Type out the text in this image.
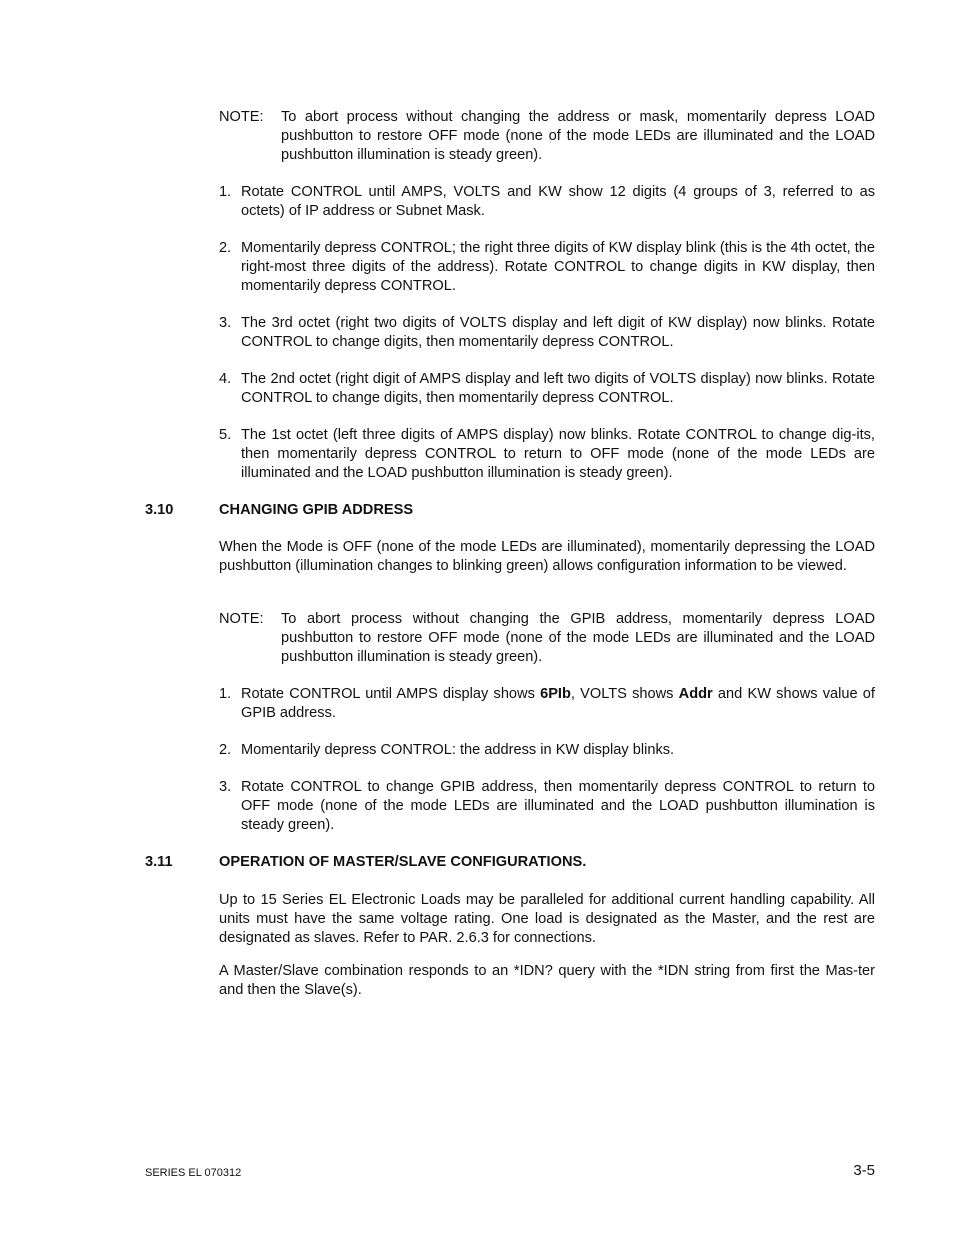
NOTE: To abort process without changing the address or mask, momentarily depress LOAD pushbutton to restore OFF mode (none of the mode LEDs are illuminated and the LOAD pushbutton illumination is steady green).
1. Rotate CONTROL until AMPS, VOLTS and KW show 12 digits (4 groups of 3, referred to as octets) of IP address or Subnet Mask.
2. Momentarily depress CONTROL; the right three digits of KW display blink (this is the 4th octet, the right-most three digits of the address). Rotate CONTROL to change digits in KW display, then momentarily depress CONTROL.
3. The 3rd octet (right two digits of VOLTS display and left digit of KW display) now blinks. Rotate CONTROL to change digits, then momentarily depress CONTROL.
4. The 2nd octet (right digit of AMPS display and left two digits of VOLTS display) now blinks. Rotate CONTROL to change digits, then momentarily depress CONTROL.
5. The 1st octet (left three digits of AMPS display) now blinks. Rotate CONTROL to change dig-its, then momentarily depress CONTROL to return to OFF mode (none of the mode LEDs are illuminated and the LOAD pushbutton illumination is steady green).
3.10	CHANGING GPIB ADDRESS
When the Mode is OFF (none of the mode LEDs are illuminated), momentarily depressing the LOAD pushbutton (illumination changes to blinking green) allows configuration information to be viewed.
NOTE: To abort process without changing the GPIB address, momentarily depress LOAD pushbutton to restore OFF mode (none of the mode LEDs are illuminated and the LOAD pushbutton illumination is steady green).
1. Rotate CONTROL until AMPS display shows 6PIb, VOLTS shows Addr and KW shows value of GPIB address.
2. Momentarily depress CONTROL: the address in KW display blinks.
3. Rotate CONTROL to change GPIB address, then momentarily depress CONTROL to return to OFF mode (none of the mode LEDs are illuminated and the LOAD pushbutton illumination is steady green).
3.11	OPERATION OF MASTER/SLAVE CONFIGURATIONS.
Up to 15 Series EL Electronic Loads may be paralleled for additional current handling capability. All units must have the same voltage rating. One load is designated as the Master, and the rest are designated as slaves. Refer to PAR. 2.6.3 for connections.
A Master/Slave combination responds to an *IDN? query with the *IDN string from first the Mas-ter and then the Slave(s).
SERIES EL 070312	3-5
